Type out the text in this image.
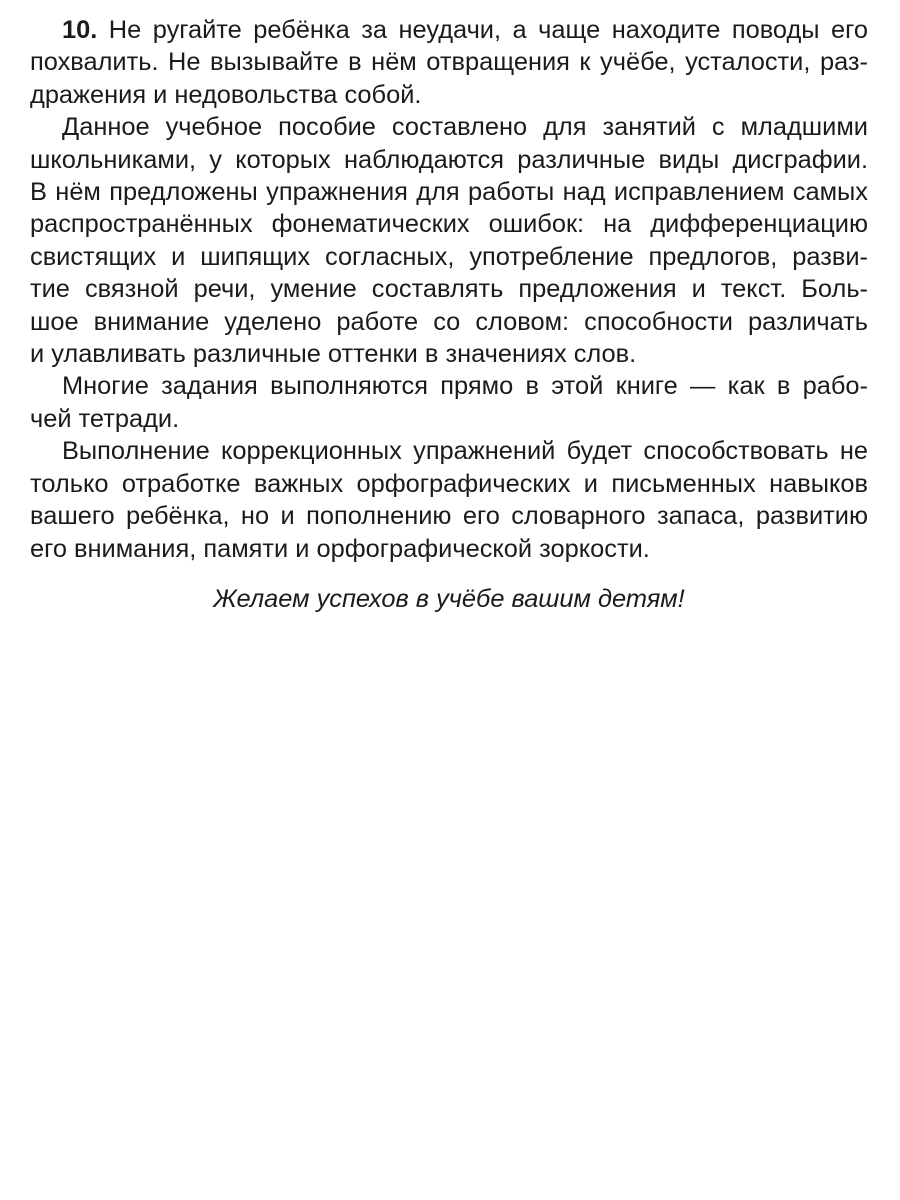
10. Не ругайте ребёнка за неудачи, а чаще находите поводы его
похвалить. Не вызывайте в нём отвращения к учёбе, усталости, раз-
дражения и недовольства собой.

Данное учебное пособие составлено для занятий с младшими
школьниками, у которых наблюдаются различные виды дисграфии.
В нём предложены упражнения для работы над исправлением самых
распространённых фонематических ошибок: на дифференциацию
свистящих и шипящих согласных, употребление предлогов, разви-
тие связной речи, умение составлять предложения и текст. Боль-
шое внимание уделено работе со словом: способности различать
и улавливать различные оттенки в значениях слов.

Многие задания выполняются прямо в этой книге — как в рабо-
чей тетради.

Выполнение коррекционных упражнений будет способствовать не
только отработке важных орфографических и письменных навыков
вашего ребёнка, но и пополнению его словарного запаса, развитию
его внимания, памяти и орфографической зоркости.

Желаем успехов в учёбе вашим детям!
